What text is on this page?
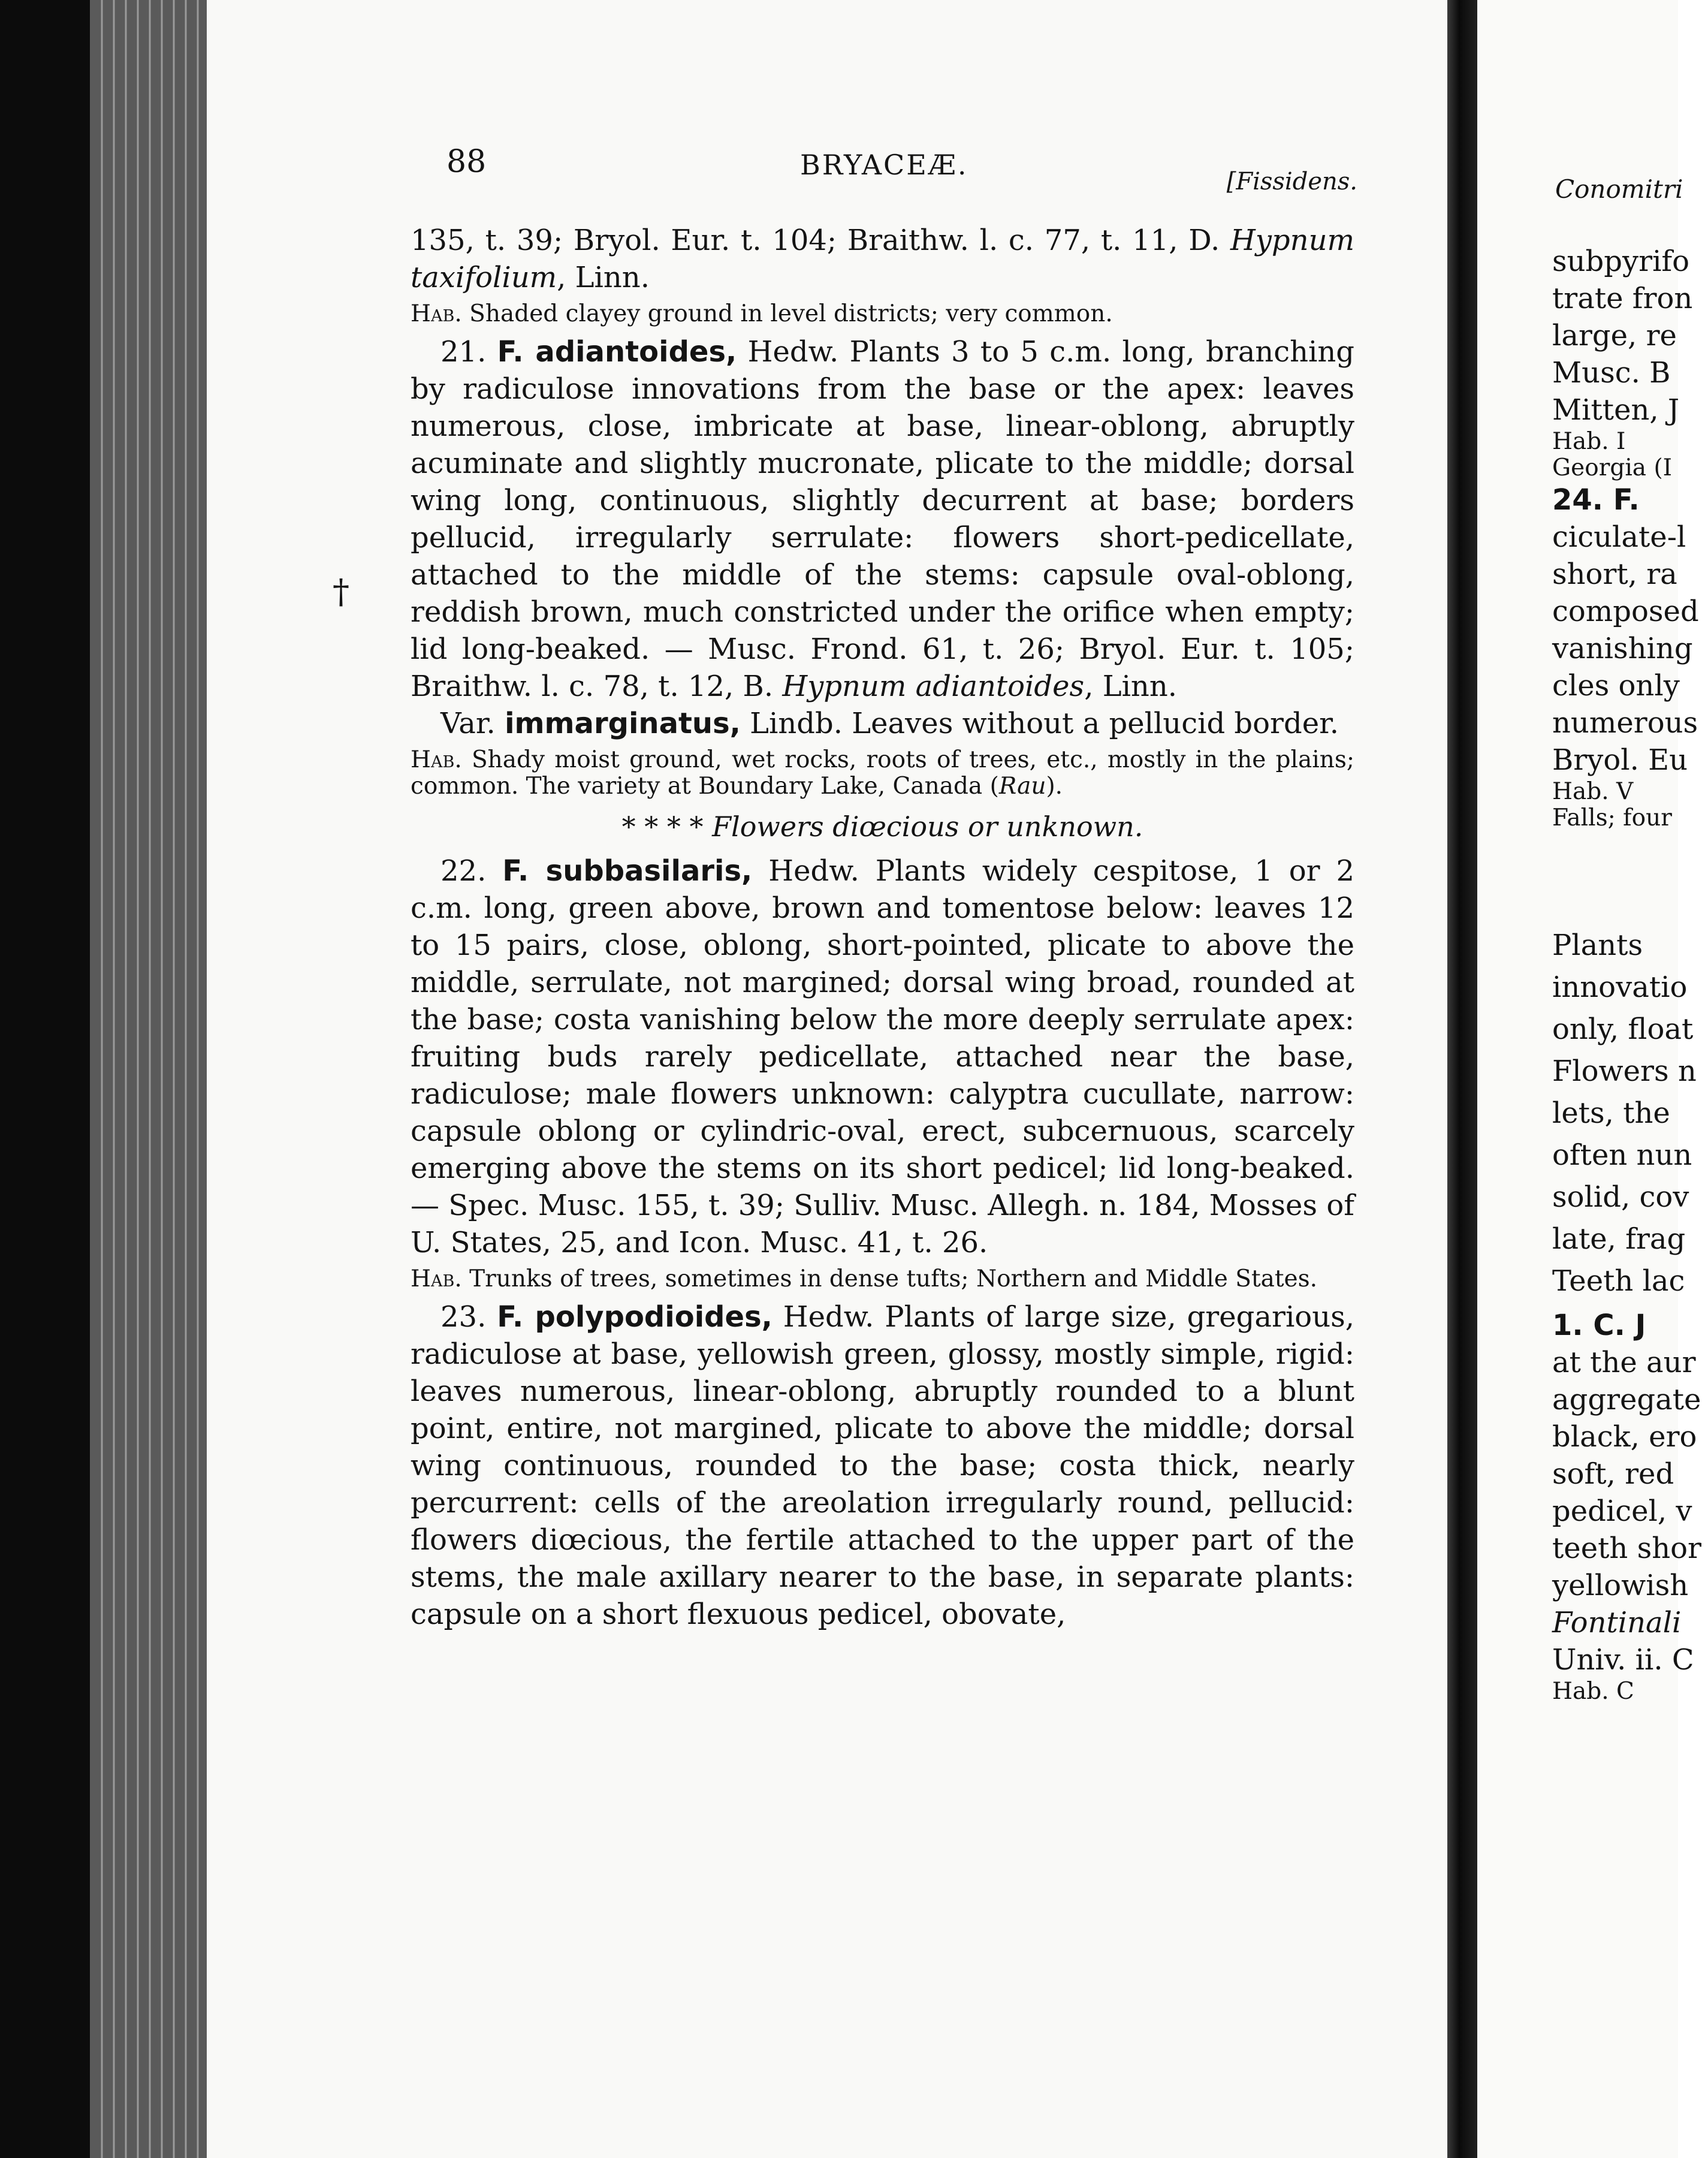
†
88	BRYACEÆ.
[Fissidens.

135, t. 39; Bryol. Eur. t. 104; Braithw. l. c. 77, t. 11, D. Hypnum taxifolium, Linn.

Hab. Shaded clayey ground in level districts; very common.

21. F. adiantoides, Hedw. Plants 3 to 5 c.m. long, branching by radiculose innovations from the base or the apex: leaves numerous, close, imbricate at base, linear-oblong, abruptly acuminate and slightly mucronate, plicate to the middle; dorsal wing long, continuous, slightly decurrent at base; borders pellucid, irregularly serrulate: flowers short-pedicellate, attached to the middle of the stems: capsule oval-oblong, reddish brown, much constricted under the orifice when empty; lid long-beaked. — Musc. Frond. 61, t. 26; Bryol. Eur. t. 105; Braithw. l. c. 78, t. 12, B. Hypnum adiantoides, Linn.

Var. immarginatus, Lindb. Leaves without a pellucid border.

Hab. Shady moist ground, wet rocks, roots of trees, etc., mostly in the plains; common. The variety at Boundary Lake, Canada (Rau).

* * * * Flowers diœcious or unknown.

22. F. subbasilaris, Hedw. Plants widely cespitose, 1 or 2 c.m. long, green above, brown and tomentose below: leaves 12 to 15 pairs, close, oblong, short-pointed, plicate to above the middle, serrulate, not margined; dorsal wing broad, rounded at the base; costa vanishing below the more deeply serrulate apex: fruiting buds rarely pedicellate, attached near the base, radiculose; male flowers unknown: calyptra cucullate, narrow: capsule oblong or cylindric-oval, erect, subcernuous, scarcely emerging above the stems on its short pedicel; lid long-beaked. — Spec. Musc. 155, t. 39; Sulliv. Musc. Allegh. n. 184, Mosses of U. States, 25, and Icon. Musc. 41, t. 26.

Hab. Trunks of trees, sometimes in dense tufts; Northern and Middle States.

23. F. polypodioides, Hedw. Plants of large size, gregarious, radiculose at base, yellowish green, glossy, mostly simple, rigid: leaves numerous, linear-oblong, abruptly rounded to a blunt point, entire, not margined, plicate to above the middle; dorsal wing continuous, rounded to the base; costa thick, nearly percurrent: cells of the areolation irregularly round, pellucid: flowers diœcious, the fertile attached to the upper part of the stems, the male axillary nearer to the base, in separate plants: capsule on a short flexuous pedicel, obovate,

Conomitri
subpyrifo
trate fron
large, re
Musc. B
Mitten, J
Hab. I
Georgia (I
24. F.
ciculate-l
short, ra
composed
vanishing
cles only
numerous
Bryol. Eu
Hab. V
Falls; four
Plants
innovatio
only, float
Flowers n
lets, the
often nun
solid, cov
late, frag
Teeth lac
1. C. J
at the aur
aggregate
black, ero
soft, red
pedicel, v
teeth shor
yellowish
Fontinali
Univ. ii. C
Hab. C
